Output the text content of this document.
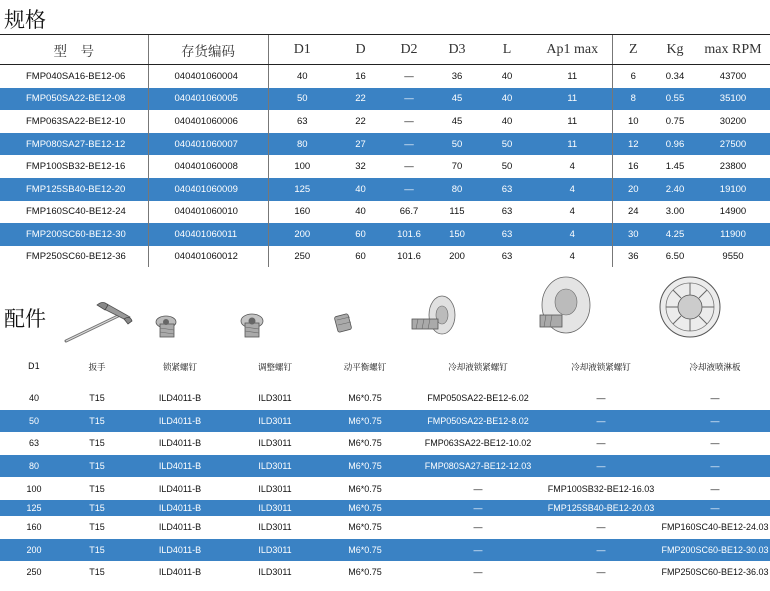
规格
型　号	存货编码	D1	D	D2	D3	L	Ap1 max	Z	Kg	max RPM
FMP040SA16-BE12-06	040401060004	40	16	—	36	40	11	6	0.34	43700
FMP050SA22-BE12-08	040401060005	50	22	—	45	40	11	8	0.55	35100
FMP063SA22-BE12-10	040401060006	63	22	—	45	40	11	10	0.75	30200
FMP080SA27-BE12-12	040401060007	80	27	—	50	50	11	12	0.96	27500
FMP100SB32-BE12-16	040401060008	100	32	—	70	50	4	16	1.45	23800
FMP125SB40-BE12-20	040401060009	125	40	—	80	63	4	20	2.40	19100
FMP160SC40-BE12-24	040401060010	160	40	66.7	115	63	4	24	3.00	14900
FMP200SC60-BE12-30	040401060011	200	60	101.6	150	63	4	30	4.25	11900
FMP250SC60-BE12-36	040401060012	250	60	101.6	200	63	4	36	6.50	9550
配件
D1	扳手	锁紧螺钉	调整螺钉	动平衡螺钉	冷却液锁紧螺钉	冷却液锁紧螺钉	冷却液喷淋板

40	T15	ILD4011-B	ILD3011	M6*0.75	FMP050SA22-BE12-6.02	—	—
50	T15	ILD4011-B	ILD3011	M6*0.75	FMP050SA22-BE12-8.02	—	—
63	T15	ILD4011-B	ILD3011	M6*0.75	FMP063SA22-BE12-10.02	—	—
80	T15	ILD4011-B	ILD3011	M6*0.75	FMP080SA27-BE12-12.03	—	—
100	T15	ILD4011-B	ILD3011	M6*0.75	—	FMP100SB32-BE12-16.03	—
125	T15	ILD4011-B	ILD3011	M6*0.75	—	FMP125SB40-BE12-20.03	—
160	T15	ILD4011-B	ILD3011	M6*0.75	—	—	FMP160SC40-BE12-24.03
200	T15	ILD4011-B	ILD3011	M6*0.75	—	—	FMP200SC60-BE12-30.03
250	T15	ILD4011-B	ILD3011	M6*0.75	—	—	FMP250SC60-BE12-36.03
